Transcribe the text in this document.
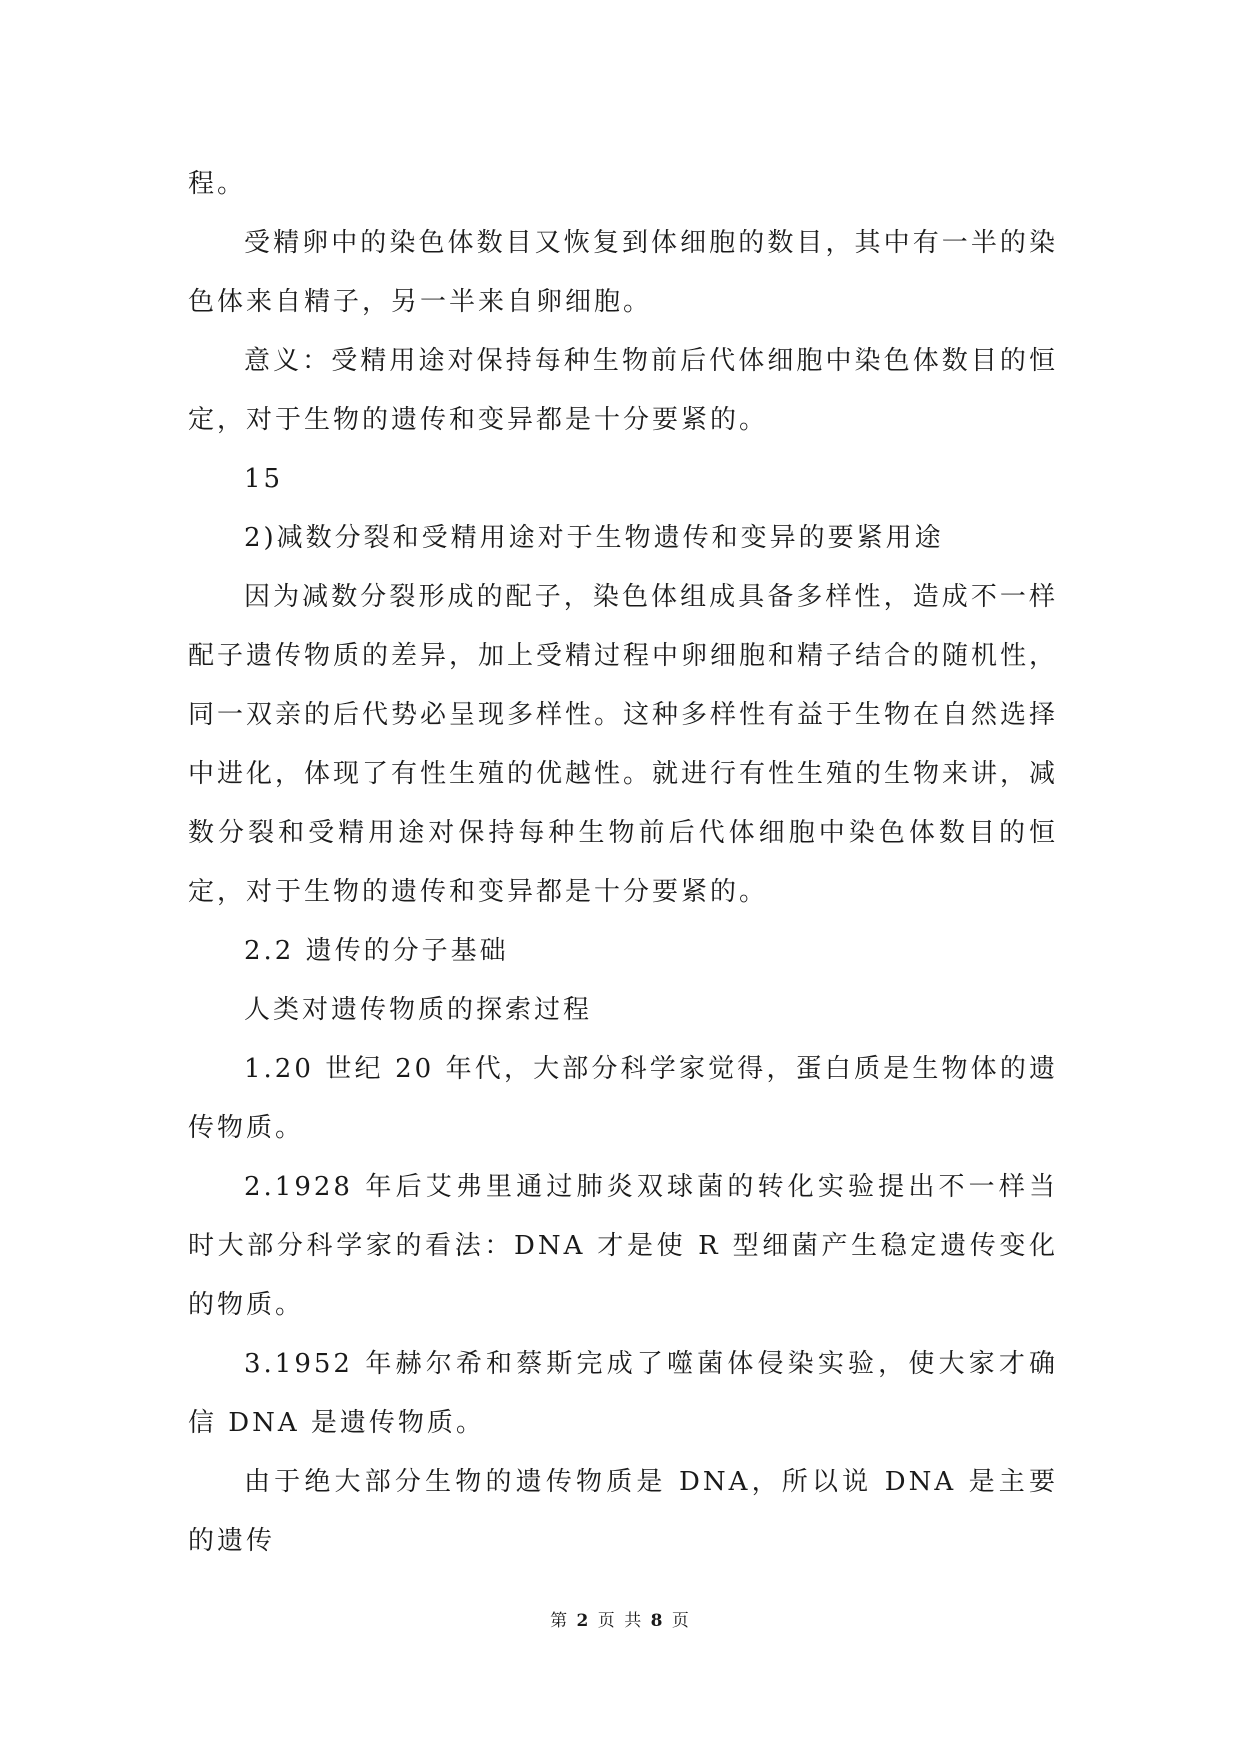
程。

受精卵中的染色体数目又恢复到体细胞的数目，其中有一半的染色体来自精子，另一半来自卵细胞。

意义：受精用途对保持每种生物前后代体细胞中染色体数目的恒定，对于生物的遗传和变异都是十分要紧的。

15

2)减数分裂和受精用途对于生物遗传和变异的要紧用途

因为减数分裂形成的配子，染色体组成具备多样性，造成不一样配子遗传物质的差异，加上受精过程中卵细胞和精子结合的随机性，同一双亲的后代势必呈现多样性。这种多样性有益于生物在自然选择中进化，体现了有性生殖的优越性。就进行有性生殖的生物来讲，减数分裂和受精用途对保持每种生物前后代体细胞中染色体数目的恒定，对于生物的遗传和变异都是十分要紧的。

2.2 遗传的分子基础

人类对遗传物质的探索过程

1.20 世纪 20 年代，大部分科学家觉得，蛋白质是生物体的遗传物质。

2.1928 年后艾弗里通过肺炎双球菌的转化实验提出不一样当时大部分科学家的看法：DNA 才是使 R 型细菌产生稳定遗传变化的物质。

3.1952 年赫尔希和蔡斯完成了噬菌体侵染实验，使大家才确信 DNA 是遗传物质。

由于绝大部分生物的遗传物质是 DNA，所以说 DNA 是主要的遗传

第 2 页 共 8 页
